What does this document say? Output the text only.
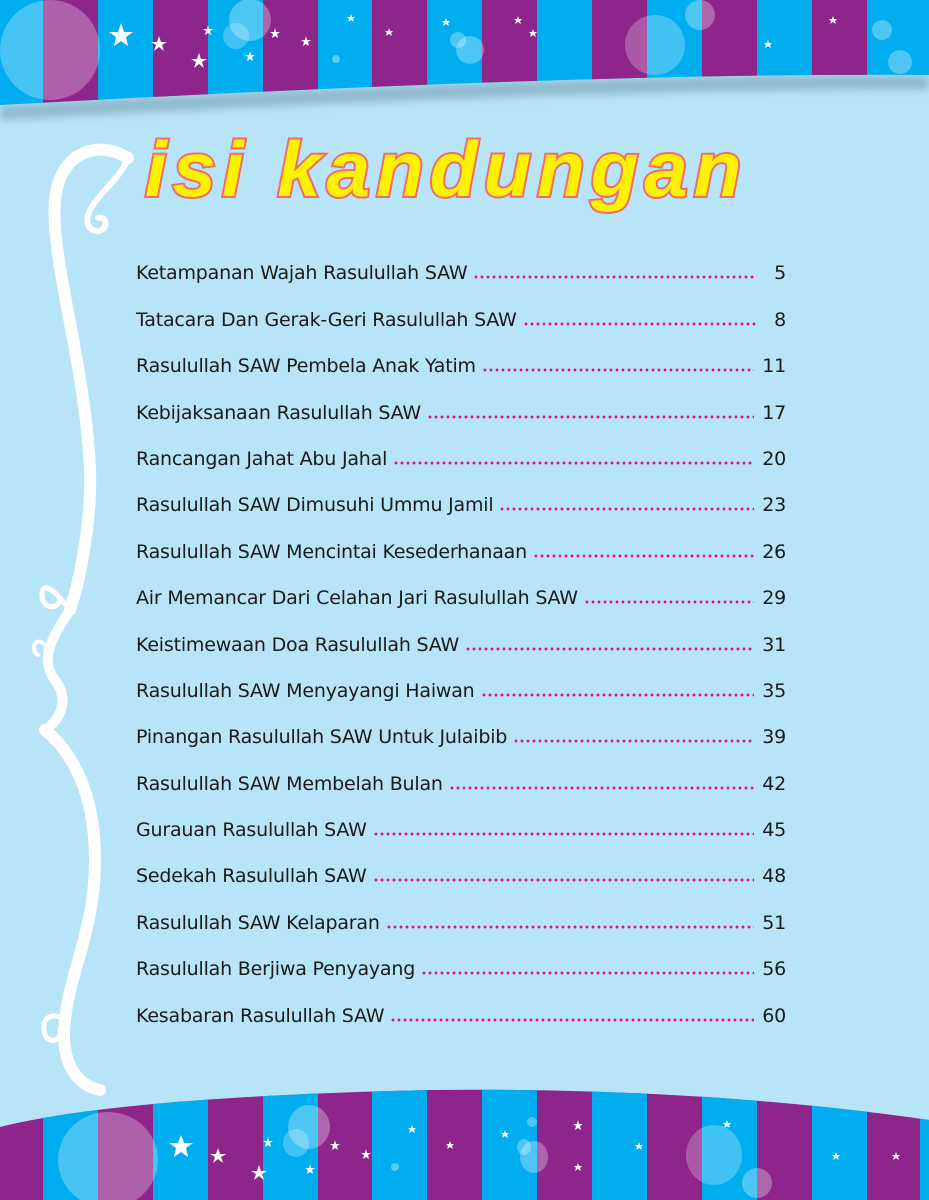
isi kandungan
Ketampanan Wajah Rasulullah SAW	5
Tatacara Dan Gerak-Geri Rasulullah SAW	8
Rasulullah SAW Pembela Anak Yatim	11
Kebijaksanaan Rasulullah SAW	17
Rancangan Jahat Abu Jahal	20
Rasulullah SAW Dimusuhi Ummu Jamil	23
Rasulullah SAW Mencintai Kesederhanaan	26
Air Memancar Dari Celahan Jari Rasulullah SAW	29
Keistimewaan Doa Rasulullah SAW	31
Rasulullah SAW Menyayangi Haiwan	35
Pinangan Rasulullah SAW Untuk Julaibib	39
Rasulullah SAW Membelah Bulan	42
Gurauan Rasulullah SAW	45
Sedekah Rasulullah SAW	48
Rasulullah SAW Kelaparan	51
Rasulullah Berjiwa Penyayang	56
Kesabaran Rasulullah SAW	60
